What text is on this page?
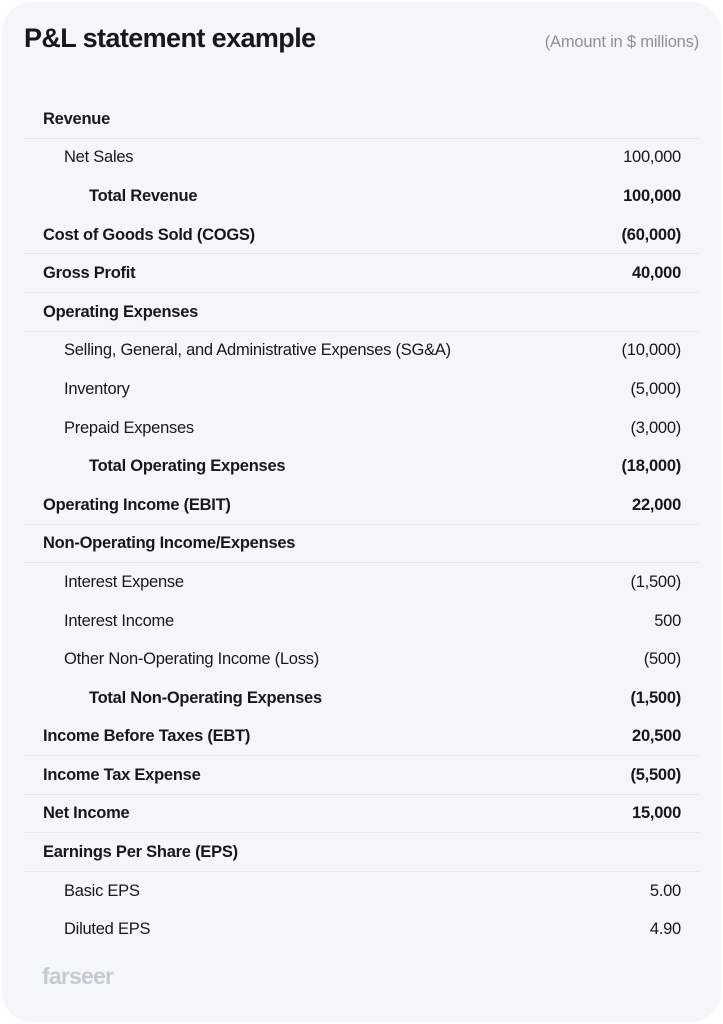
P&L statement example	(Amount in $ millions)
Revenue
Net Sales	100,000
Total Revenue	100,000
Cost of Goods Sold (COGS)	(60,000)
Gross Profit	40,000
Operating Expenses
Selling, General, and Administrative Expenses (SG&A)	(10,000)
Inventory	(5,000)
Prepaid Expenses	(3,000)
Total Operating Expenses	(18,000)
Operating Income (EBIT)	22,000
Non-Operating Income/Expenses
Interest Expense	(1,500)
Interest Income	500
Other Non-Operating Income (Loss)	(500)
Total Non-Operating Expenses	(1,500)
Income Before Taxes (EBT)	20,500
Income Tax Expense	(5,500)
Net Income	15,000
Earnings Per Share (EPS)
Basic EPS	5.00
Diluted EPS	4.90
farseer
